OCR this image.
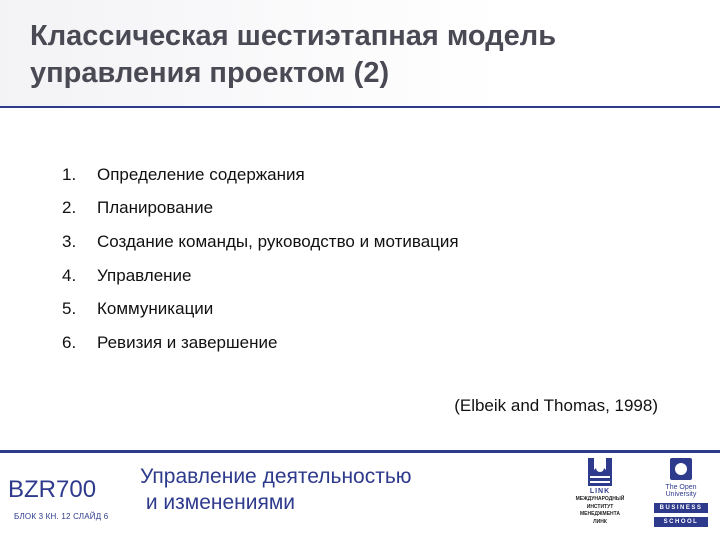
Классическая шестиэтапная модель
управления проектом (2)
1.	Определение содержания
2.	Планирование
3.	Создание команды, руководство и мотивация
4.	Управление
5.	Коммуникации
6.	Ревизия и завершение
(Elbeik and Thomas, 1998)
BZR700
БЛОК 3 КН. 12 СЛАЙД 6
Управление деятельностью
и изменениями	LINK
МЕЖДУНАРОДНЫЙ
ИНСТИТУТ
МЕНЕДЖМЕНТА
ЛИНК
The Open
University
BUSINESS
SCHOOL
